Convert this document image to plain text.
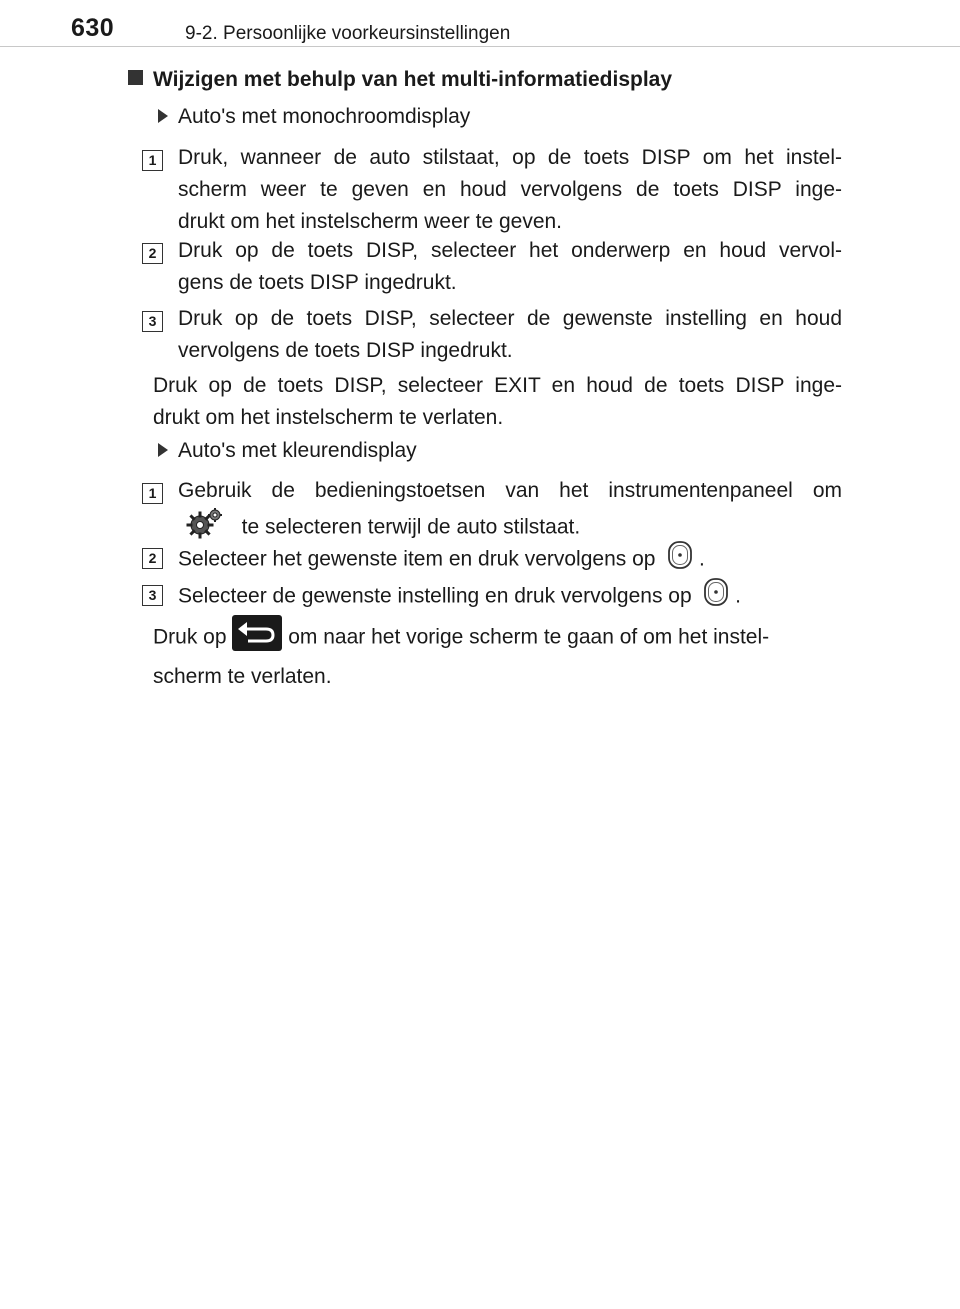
630	9-2. Persoonlijke voorkeursinstellingen
Wijzigen met behulp van het multi-informatiedisplay
Auto's met monochroomdisplay
1	Druk, wanneer de auto stilstaat, op de toets DISP om het instel-
scherm weer te geven en houd vervolgens de toets DISP inge-
drukt om het instelscherm weer te geven.
2	Druk op de toets DISP, selecteer het onderwerp en houd vervol-
gens de toets DISP ingedrukt.
3	Druk op de toets DISP, selecteer de gewenste instelling en houd
vervolgens de toets DISP ingedrukt.
Druk op de toets DISP, selecteer EXIT en houd de toets DISP inge-
drukt om het instelscherm te verlaten.
Auto's met kleurendisplay
1	Gebruik de bedieningstoetsen van het instrumentenpaneel om
te selecteren terwijl de auto stilstaat.
2	Selecteer het gewenste item en druk vervolgens op .
3	Selecteer de gewenste instelling en druk vervolgens op .
Druk op	om naar het vorige scherm te gaan of om het instel-
scherm te verlaten.
